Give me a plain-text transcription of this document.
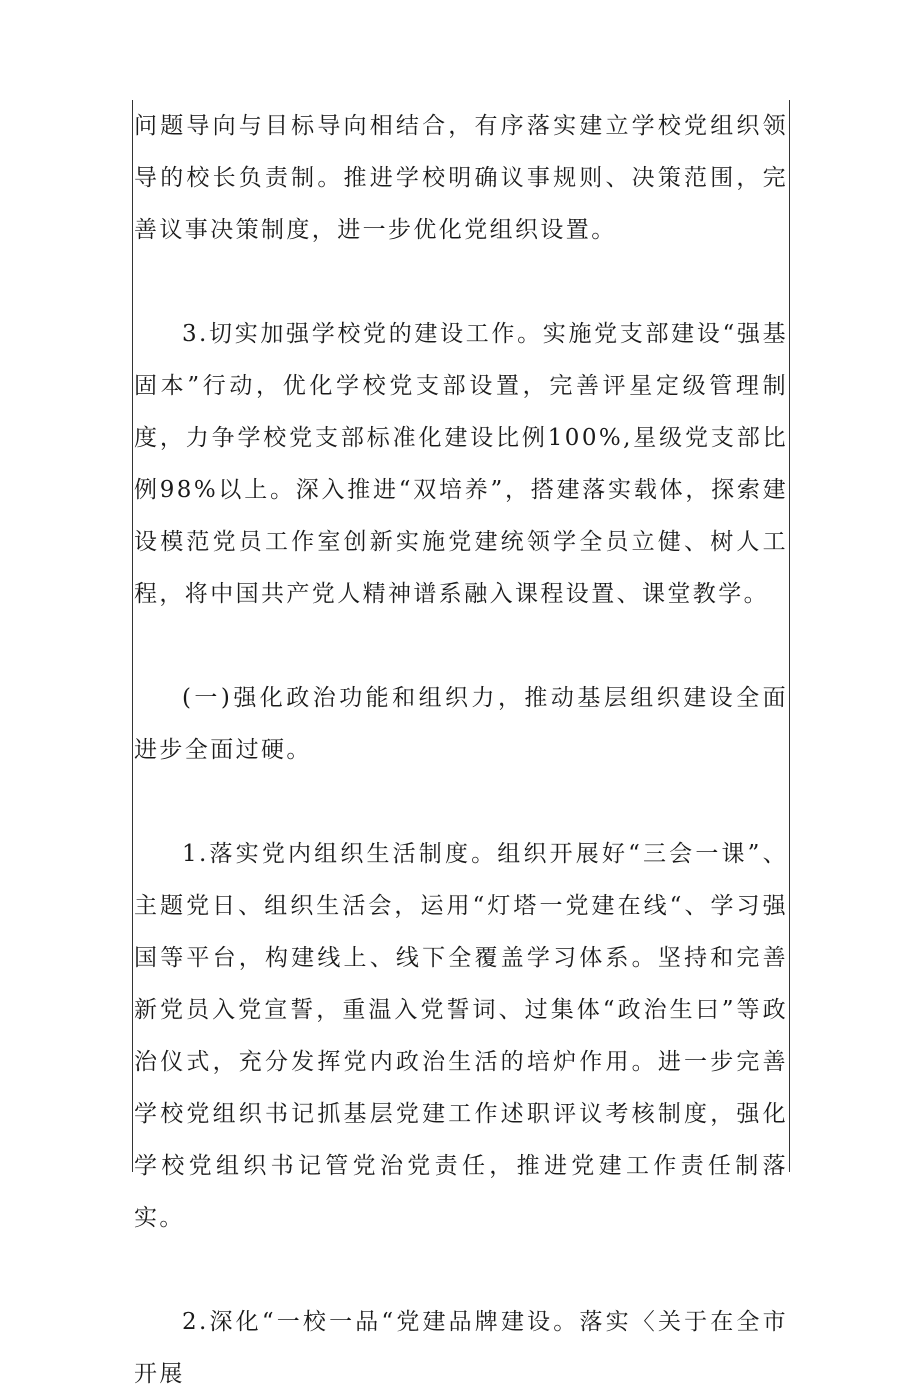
问题导向与目标导向相结合，有序落实建立学校党组织领导的校长负责制。推进学校明确议事规则、决策范围，完善议事决策制度，进一步优化党组织设置。

3.切实加强学校党的建设工作。实施党支部建设“强基固本”行动，优化学校党支部设置，完善评星定级管理制度，力争学校党支部标准化建设比例100%,星级党支部比例98%以上。深入推进“双培养”，搭建落实载体，探索建设模范党员工作室创新实施党建统领学全员立健、树人工程，将中国共产党人精神谱系融入课程设置、课堂教学。

(一)强化政治功能和组织力，推动基层组织建设全面进步全面过硬。

1.落实党内组织生活制度。组织开展好“三会一课”、主题党日、组织生活会，运用“灯塔一党建在线“、学习强国等平台，构建线上、线下全覆盖学习体系。坚持和完善新党员入党宣誓，重温入党誓词、过集体“政治生曰”等政治仪式，充分发挥党内政治生活的培炉作用。进一步完善学校党组织书记抓基层党建工作述职评议考核制度，强化学校党组织书记管党治党责任，推进党建工作责任制落实。

2.深化“一校一品“党建品牌建设。落实〈关于在全市开展
